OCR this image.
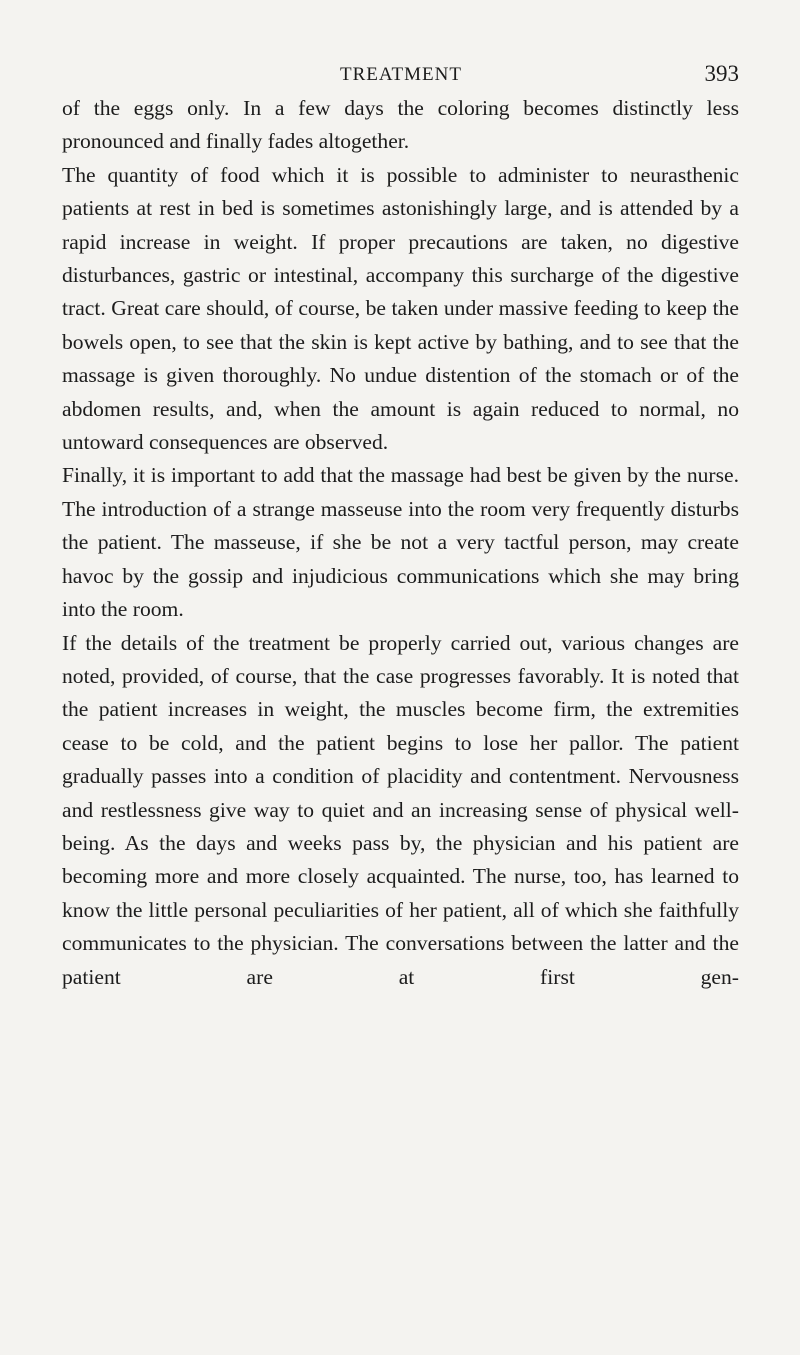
TREATMENT	393

of the eggs only. In a few days the coloring becomes distinctly less pronounced and finally fades altogether.

The quantity of food which it is possible to administer to neurasthenic patients at rest in bed is sometimes astonishingly large, and is attended by a rapid increase in weight. If proper precautions are taken, no digestive disturbances, gastric or intestinal, accompany this surcharge of the digestive tract. Great care should, of course, be taken under massive feeding to keep the bowels open, to see that the skin is kept active by bathing, and to see that the massage is given thoroughly. No undue distention of the stomach or of the abdomen results, and, when the amount is again reduced to normal, no untoward consequences are observed.

Finally, it is important to add that the massage had best be given by the nurse. The introduction of a strange masseuse into the room very frequently disturbs the patient. The masseuse, if she be not a very tactful person, may create havoc by the gossip and injudicious communications which she may bring into the room.

If the details of the treatment be properly carried out, various changes are noted, provided, of course, that the case progresses favorably. It is noted that the patient increases in weight, the muscles become firm, the extremities cease to be cold, and the patient begins to lose her pallor. The patient gradually passes into a condition of placidity and contentment. Nervousness and restlessness give way to quiet and an increasing sense of physical well-being. As the days and weeks pass by, the physician and his patient are becoming more and more closely acquainted. The nurse, too, has learned to know the little personal peculiarities of her patient, all of which she faithfully communicates to the physician. The conversations between the latter and the patient are at first gen-
